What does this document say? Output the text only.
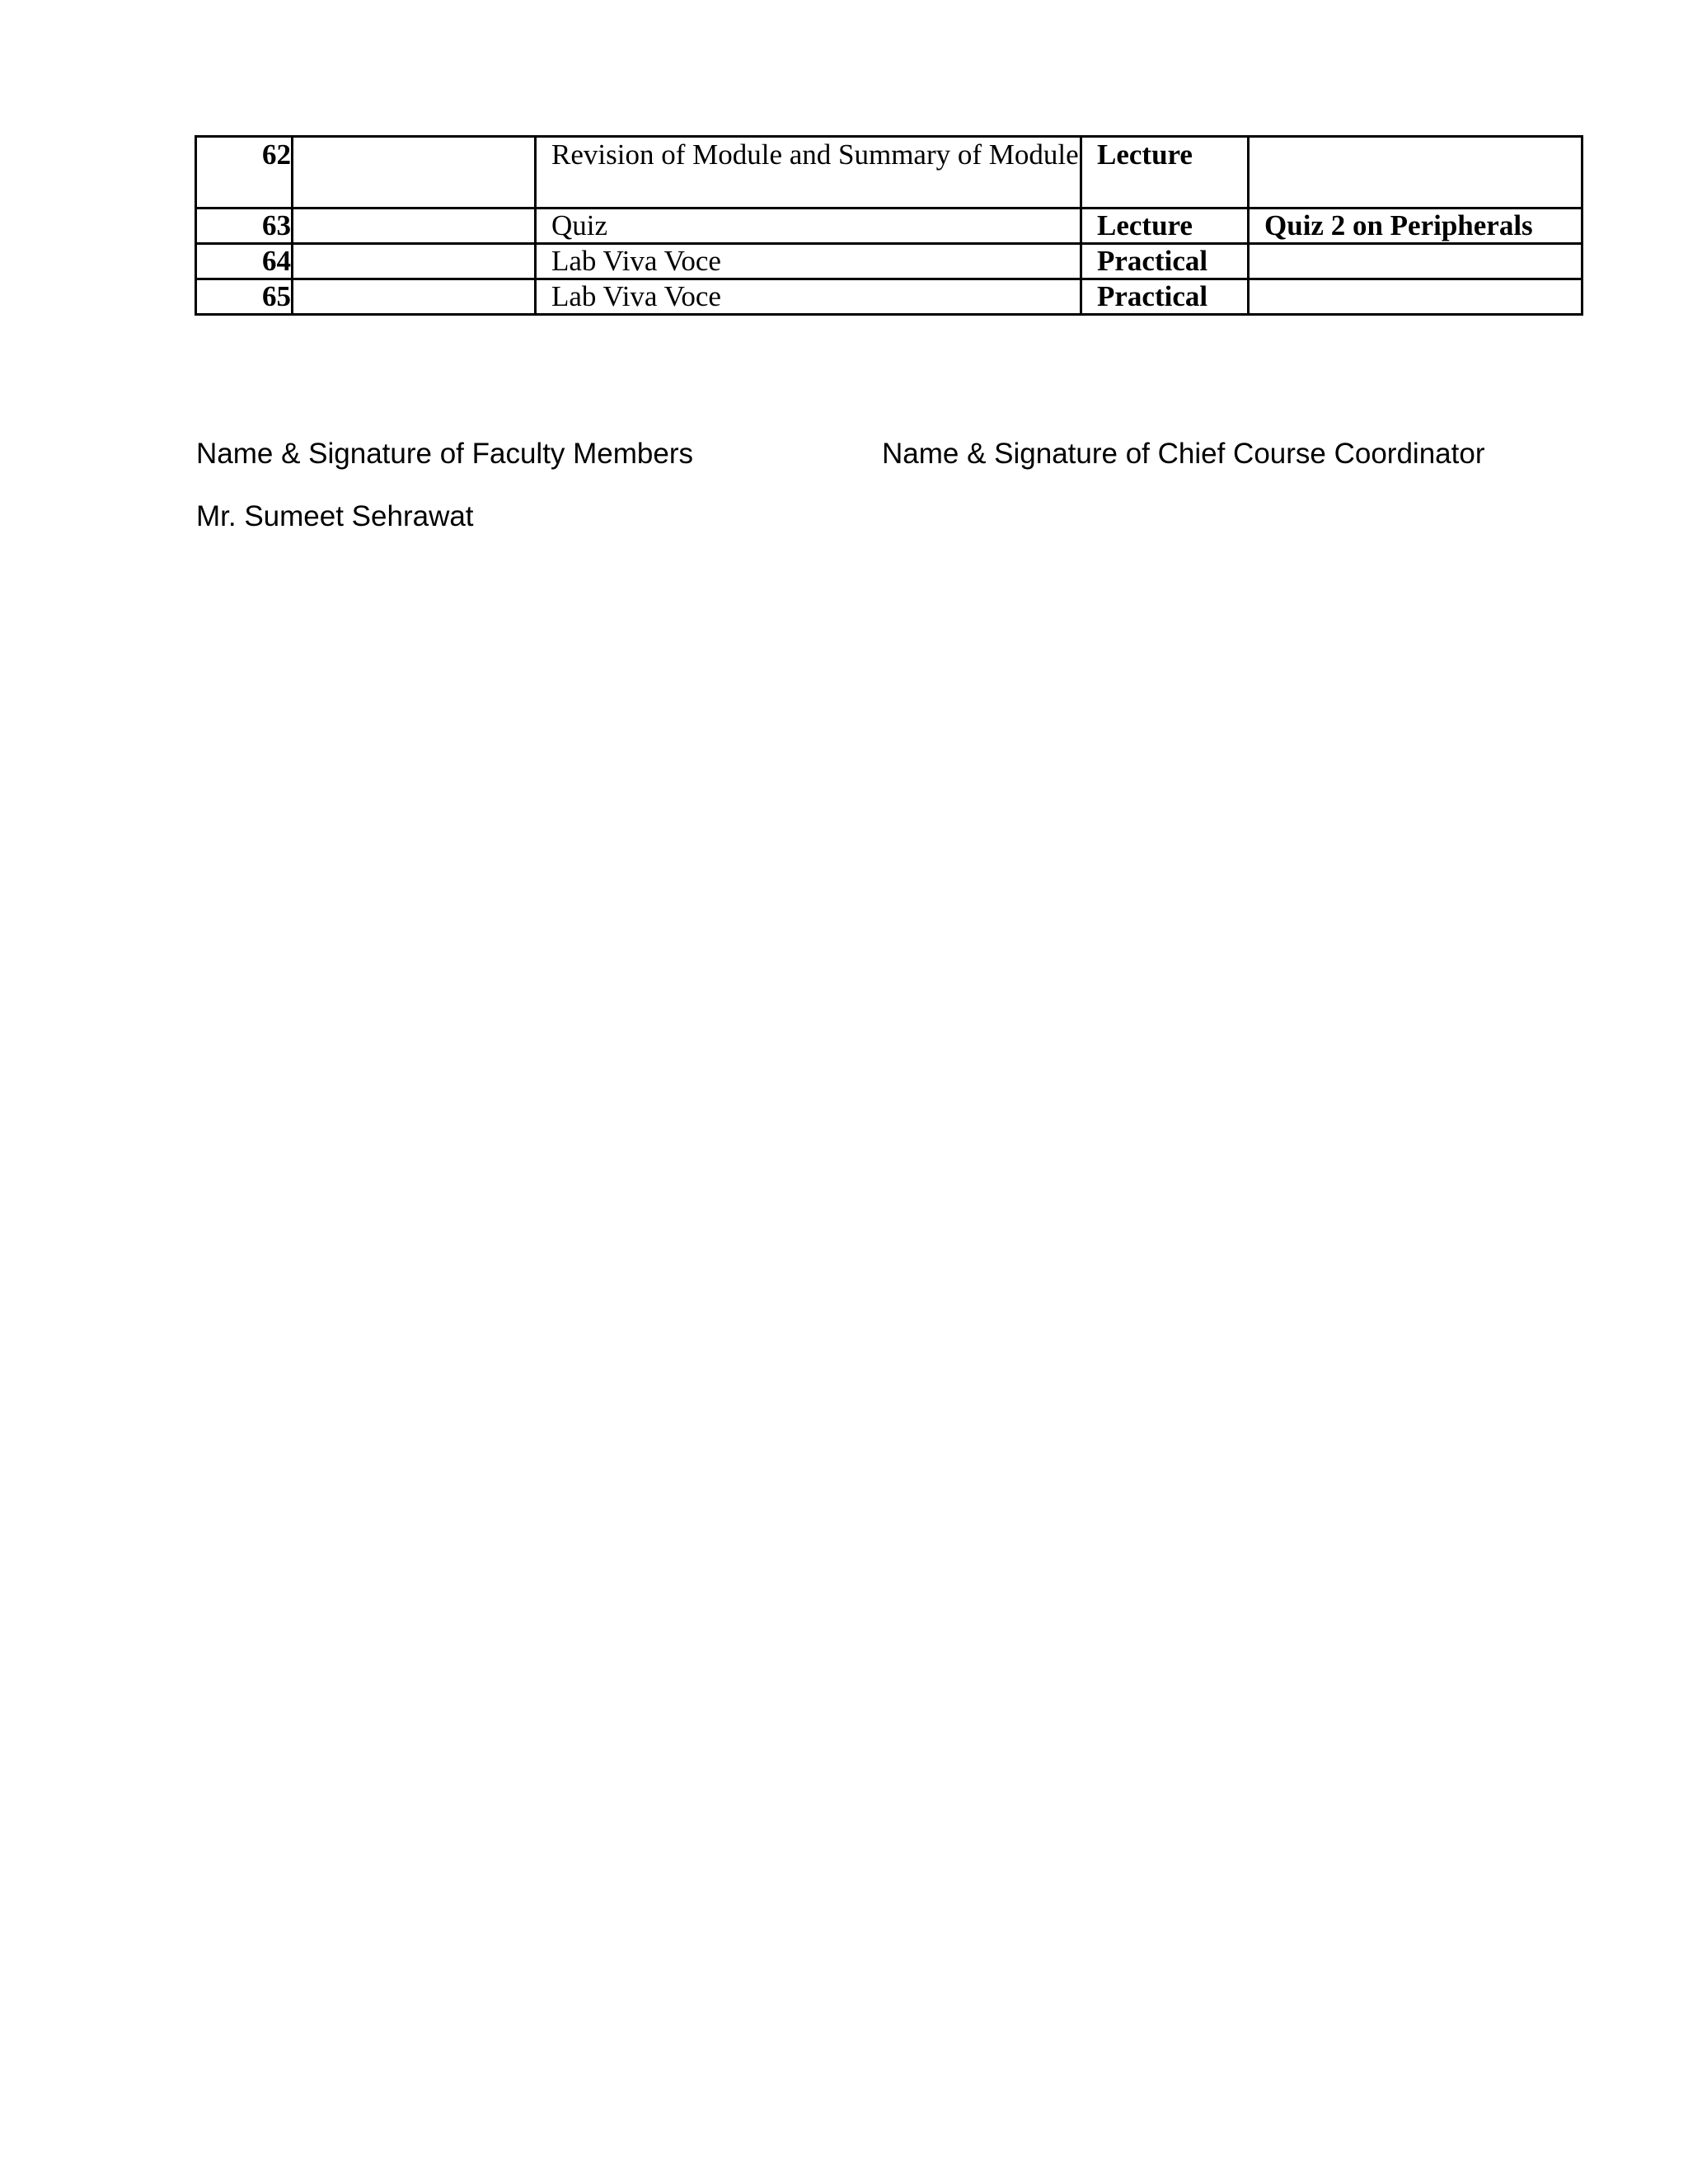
62		Revision of Module and Summary of Module	Lecture	
63		Quiz	Lecture	Quiz 2 on Peripherals
64		Lab Viva Voce	Practical	
65		Lab Viva Voce	Practical	
Name & Signature of Faculty Members	Name & Signature of Chief Course Coordinator
Mr. Sumeet Sehrawat
